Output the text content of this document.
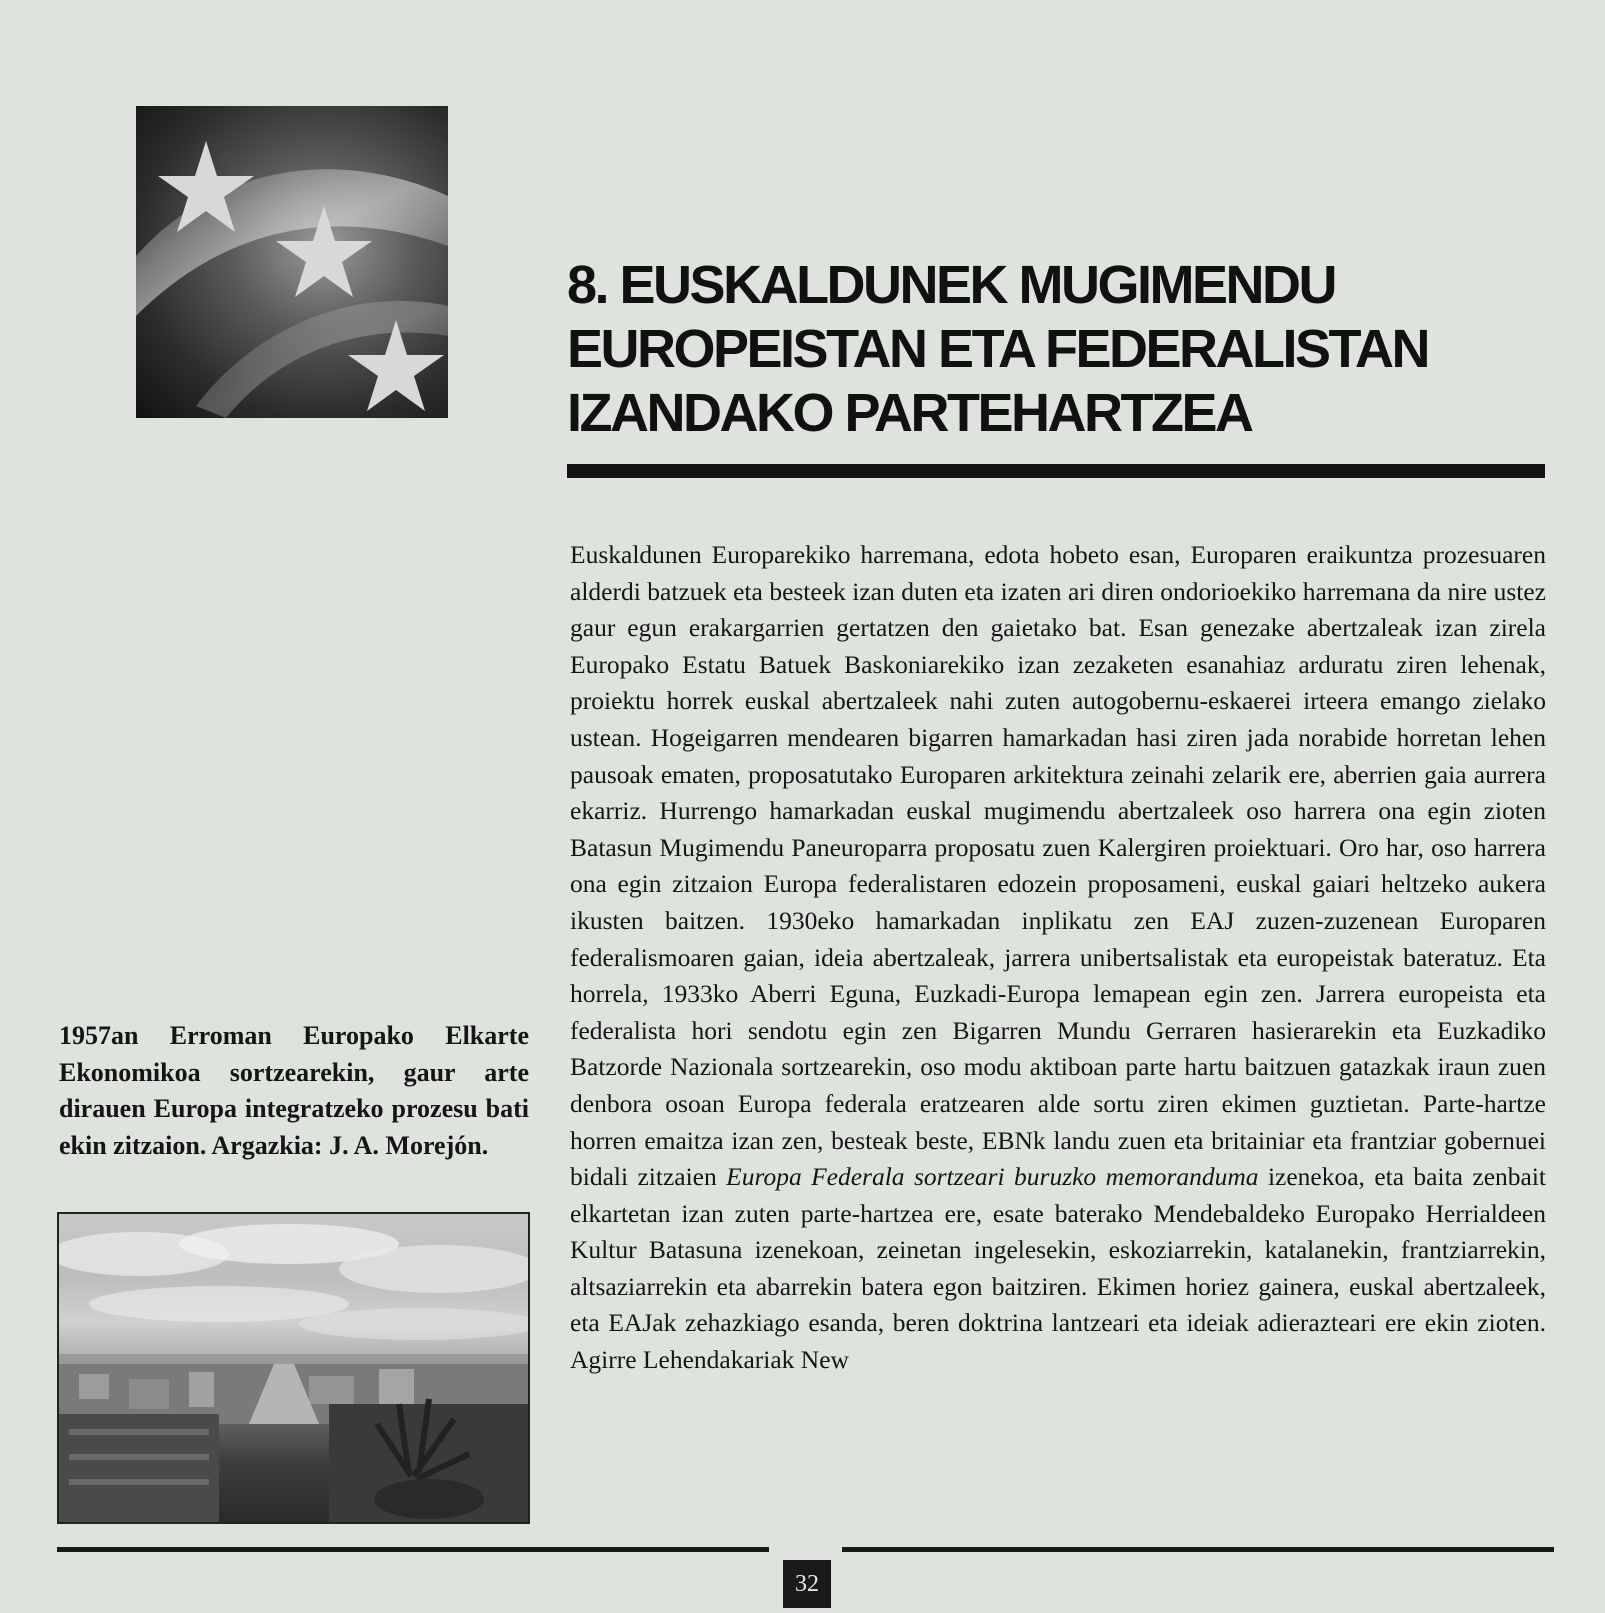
8. EUSKALDUNEK MUGIMENDU
EUROPEISTAN ETA FEDERALISTAN
IZANDAKO PARTEHARTZEA

Euskaldunen Europarekiko harremana, edota hobeto esan, Europaren eraikuntza prozesuaren alderdi batzuek eta besteek izan duten eta izaten ari diren ondorioekiko harremana da nire ustez gaur egun erakargarrien gertatzen den gaietako bat. Esan genezake abertzaleak izan zirela Europako Estatu Batuek Baskoniarekiko izan zezaketen esanahiaz arduratu ziren lehenak, proiektu horrek euskal abertzaleek nahi zuten autogobernu-eskaerei irteera emango zielako ustean. Hogeigarren mendearen bigarren hamarkadan hasi ziren jada norabide horretan lehen pausoak ematen, proposatutako Europaren arkitektura zeinahi zelarik ere, aberrien gaia aurrera ekarriz. Hurrengo hamarkadan euskal mugimendu abertzaleek oso harrera ona egin zioten Batasun Mugimendu Paneuroparra proposatu zuen Kalergiren proiektuari. Oro har, oso harrera ona egin zitzaion Europa federalistaren edozein proposameni, euskal gaiari heltzeko aukera ikusten baitzen. 1930eko hamarkadan inplikatu zen EAJ zuzen-zuzenean Europaren federalismoaren gaian, ideia abertzaleak, jarrera unibertsalistak eta europeistak bateratuz. Eta horrela, 1933ko Aberri Eguna, Euzkadi-Europa lemapean egin zen. Jarrera europeista eta federalista hori sendotu egin zen Bigarren Mundu Gerraren hasierarekin eta Euzkadiko Batzorde Nazionala sortzearekin, oso modu aktiboan parte hartu baitzuen gatazkak iraun zuen denbora osoan Europa federala eratzearen alde sortu ziren ekimen guztietan. Parte-hartze horren emaitza izan zen, besteak beste, EBNk landu zuen eta britainiar eta frantziar gobernuei bidali zitzaien Europa Federala sortzeari buruzko memoranduma izenekoa, eta baita zenbait elkartetan izan zuten parte-hartzea ere, esate baterako Mendebaldeko Europako Herrialdeen Kultur Batasuna izenekoan, zeinetan ingelesekin, eskoziarrekin, katalanekin, frantziarrekin, altsaziarrekin eta abarrekin batera egon baitziren. Ekimen horiez gainera, euskal abertzaleek, eta EAJak zehazkiago esanda, beren doktrina lantzeari eta ideiak adierazteari ere ekin zioten. Agirre Lehendakariak New

1957an Erroman Europako Elkarte Ekonomikoa sortzearekin, gaur arte dirauen Europa integratzeko prozesu bati ekin zitzaion. Argazkia: J. A. Morejón.
32
